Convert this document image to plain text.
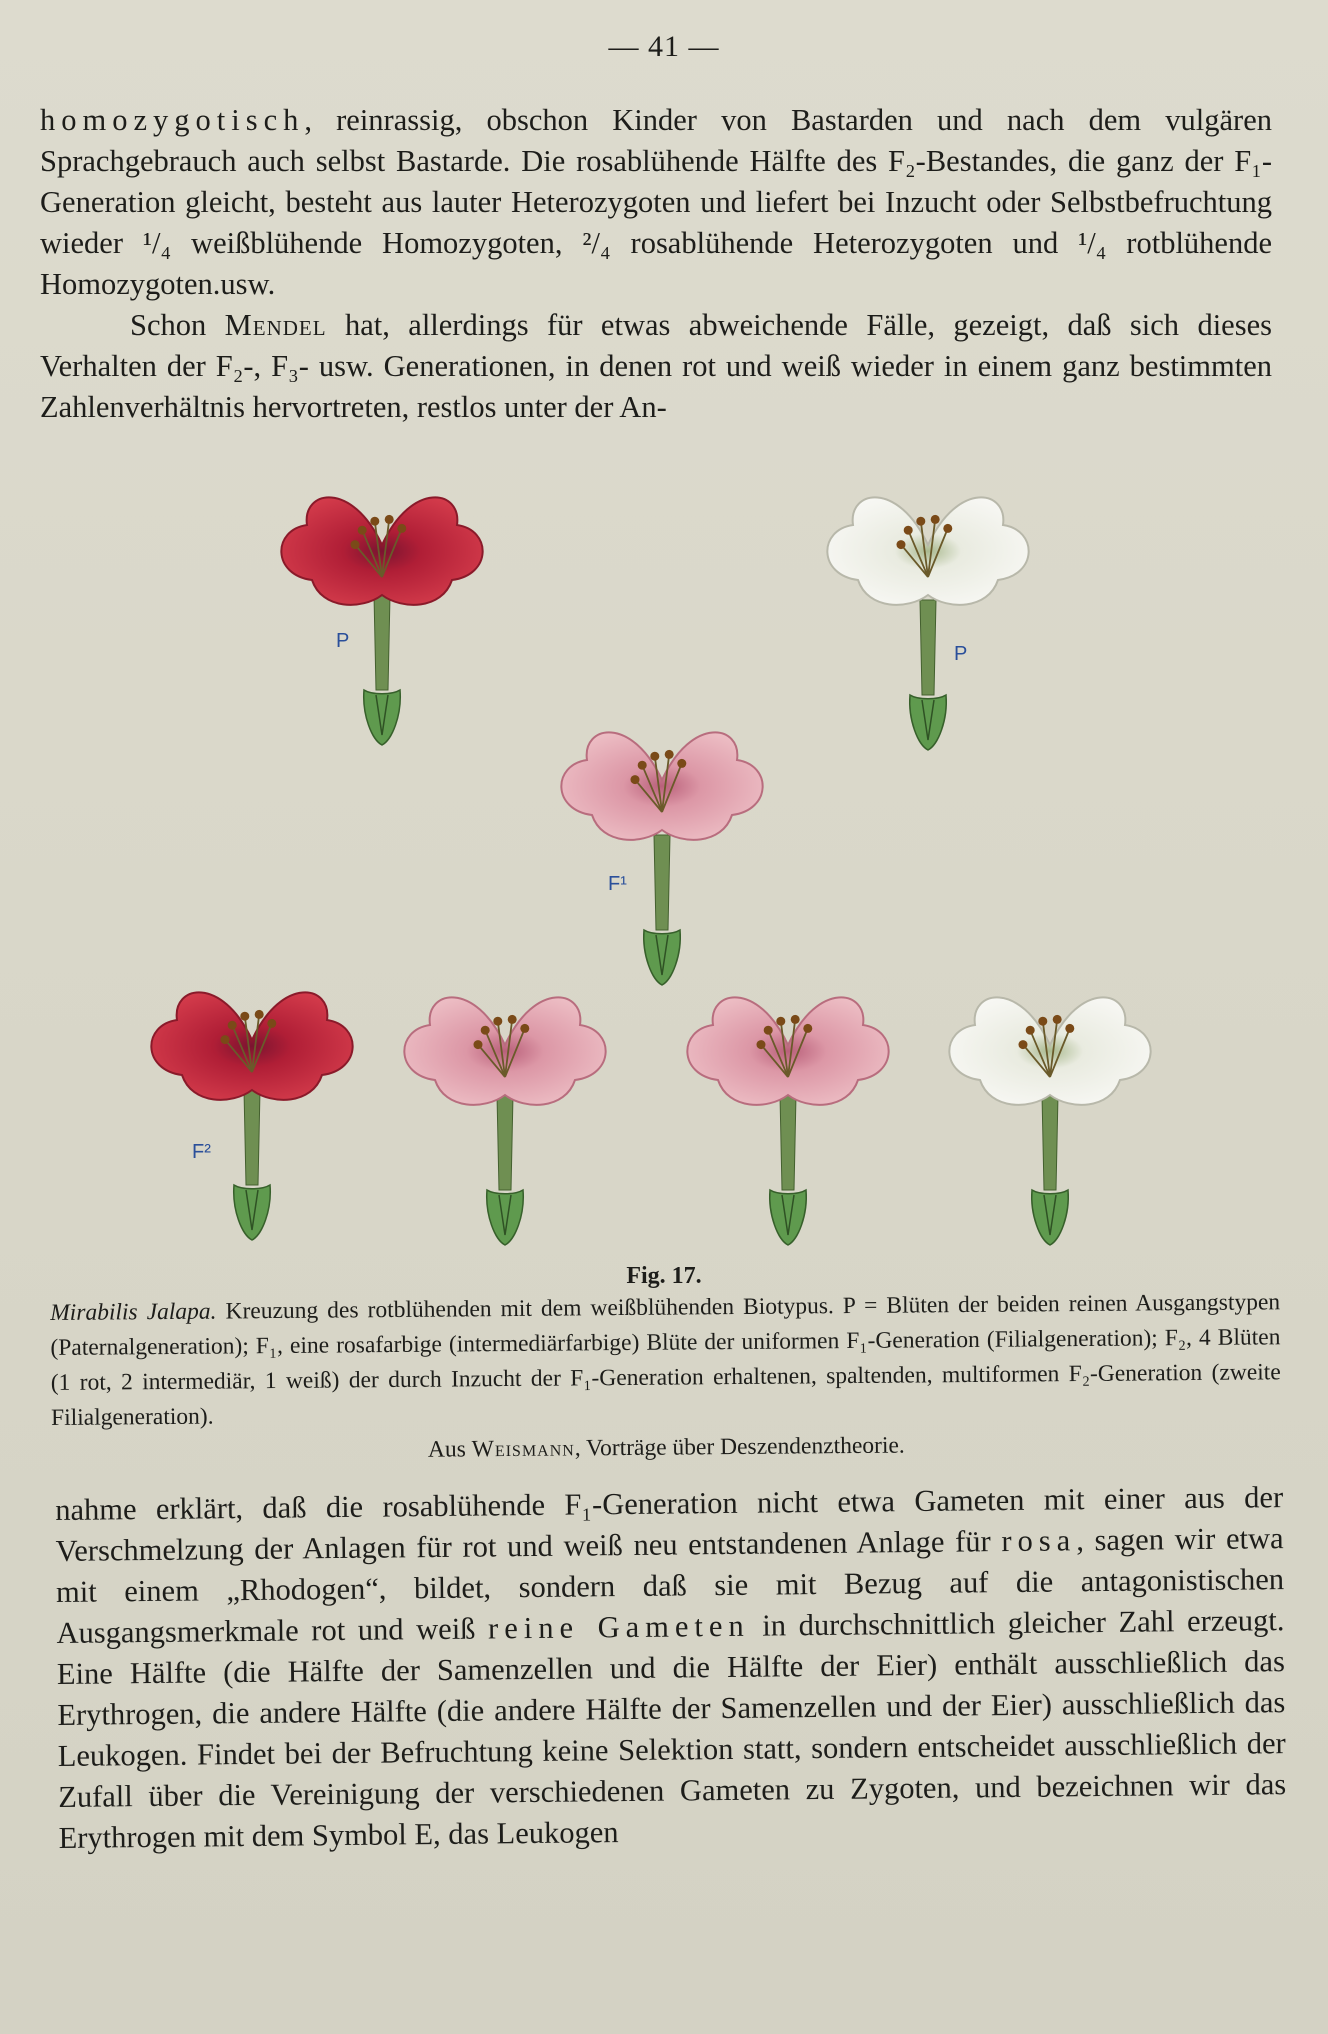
— 41 —

homozygotisch, reinrassig, obschon Kinder von Bastarden und nach dem vulgären Sprachgebrauch auch selbst Bastarde. Die rosablühende Hälfte des F₂-Bestandes, die ganz der F₁-Generation gleicht, besteht aus lauter Heterozygoten und liefert bei Inzucht oder Selbstbefruchtung wieder ¹/₄ weißblühende Homozygoten, ²/₄ rosablühende Heterozygoten und ¹/₄ rotblühende Homozygoten.usw.

Schon Mendel hat, allerdings für etwas abweichende Fälle, gezeigt, daß sich dieses Verhalten der F₂-, F₃- usw. Generationen, in denen rot und weiß wieder in einem ganz bestimmten Zahlenverhältnis hervortreten, restlos unter der An-

P
P
F¹
F²
Fig. 17.

Mirabilis Jalapa. Kreuzung des rotblühenden mit dem weißblühenden Biotypus. P = Blüten der beiden reinen Ausgangstypen (Paternalgeneration); F₁, eine rosafarbige (intermediärfarbige) Blüte der uniformen F₁-Generation (Filialgeneration); F₂, 4 Blüten (1 rot, 2 intermediär, 1 weiß) der durch Inzucht der F₁-Generation erhaltenen, spaltenden, multiformen F₂-Generation (zweite Filialgeneration).

Aus Weismann, Vorträge über Deszendenztheorie.

nahme erklärt, daß die rosablühende F₁-Generation nicht etwa Gameten mit einer aus der Verschmelzung der Anlagen für rot und weiß neu entstandenen Anlage für rosa, sagen wir etwa mit einem „Rhodogen“, bildet, sondern daß sie mit Bezug auf die antagonistischen Ausgangsmerkmale rot und weiß reine Gameten in durchschnittlich gleicher Zahl erzeugt. Eine Hälfte (die Hälfte der Samenzellen und die Hälfte der Eier) enthält ausschließlich das Erythrogen, die andere Hälfte (die andere Hälfte der Samenzellen und der Eier) ausschließlich das Leukogen. Findet bei der Befruchtung keine Selektion statt, sondern entscheidet ausschließlich der Zufall über die Vereinigung der verschiedenen Gameten zu Zygoten, und bezeichnen wir das Erythrogen mit dem Symbol E, das Leukogen
